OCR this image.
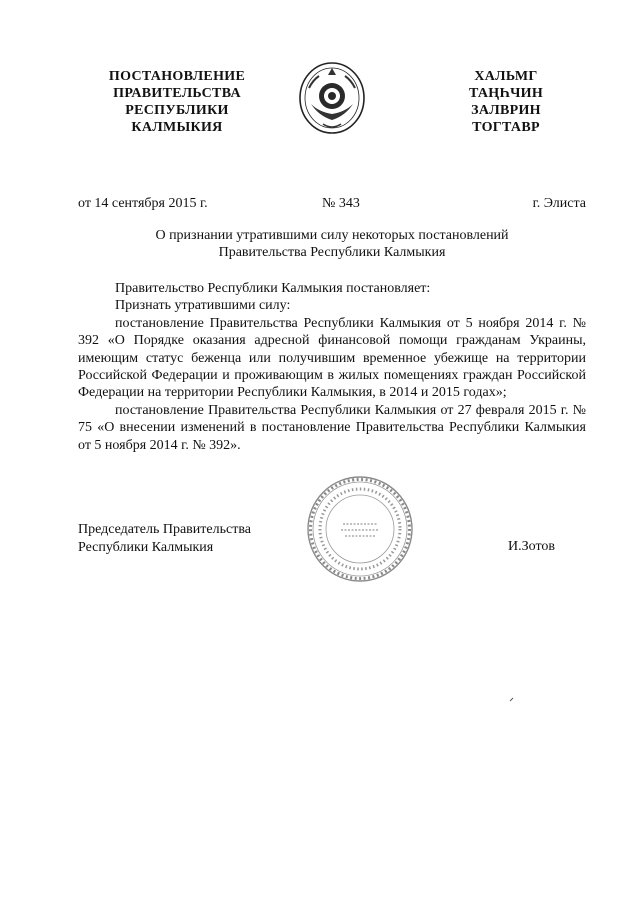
ПОСТАНОВЛЕНИЕ
ПРАВИТЕЛЬСТВА
РЕСПУБЛИКИ
КАЛМЫКИЯ
ХАЛЬМГ
ТАҢҺЧИН
ЗАЛВРИН
ТОГТАВР
от 14 сентября 2015 г.	№ 343	г. Элиста
О признании утратившими силу некоторых постановлений
Правительства Республики Калмыкия

Правительство Республики Калмыкия постановляет:

Признать утратившими силу:

постановление Правительства Республики Калмыкия от 5 ноября 2014 г. № 392 «О Порядке оказания адресной финансовой помощи гражданам Украины, имеющим статус беженца или получившим временное убежище на территории Российской Федерации и проживающим в жилых помещениях граждан Российской Федерации на территории Республики Калмыкия, в 2014 и 2015 годах»;

постановление Правительства Республики Калмыкия от 27 февраля 2015 г. № 75 «О внесении изменений в постановление Правительства Республики Калмыкия от 5 ноября 2014 г. № 392».

Председатель Правительства
Республики Калмыкия	И.Зотов
